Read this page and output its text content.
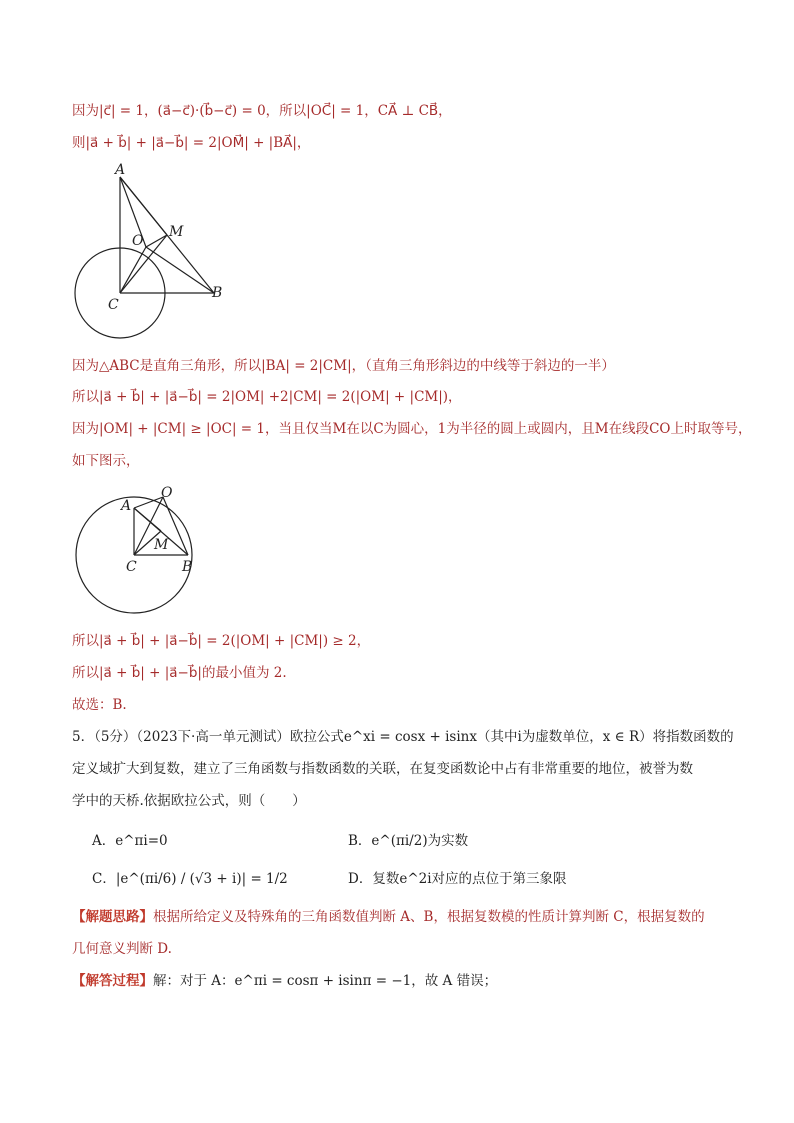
因为|c⃗| = 1，(a⃗−c⃗)·(b⃗−c⃗) = 0，所以|OC⃗| = 1，CA⃗ ⊥ CB⃗，
则|a⃗ + b⃗| + |a⃗−b⃗| = 2|OM⃗| + |BA⃗|，
A
O
M
C
B
因为△ABC是直角三角形，所以|BA| = 2|CM|，（直角三角形斜边的中线等于斜边的一半）
所以|a⃗ + b⃗| + |a⃗−b⃗| = 2|OM| +2|CM| = 2(|OM| + |CM|)，
因为|OM| + |CM| ≥ |OC| = 1，当且仅当M在以C为圆心，1为半径的圆上或圆内，且M在线段CO上时取等号，
如下图示，
O
A
M
C	B
所以|a⃗ + b⃗| + |a⃗−b⃗| = 2(|OM| + |CM|) ≥ 2，
所以|a⃗ + b⃗| + |a⃗−b⃗|的最小值为 2.
故选：B.
5．（5分）（2023下·高一单元测试）欧拉公式e^xi = cosx + isinx（其中i为虚数单位，x ∈ R）将指数函数的
定义域扩大到复数，建立了三角函数与指数函数的关联，在复变函数论中占有非常重要的地位，被誉为数
学中的天桥.依据欧拉公式，则（　　）
A．e^πi=0	B．e^(πi/2)为实数
C．|e^(πi/6) / (√3 + i)| = 1/2	D．复数e^2i对应的点位于第三象限
【解题思路】根据所给定义及特殊角的三角函数值判断 A、B，根据复数模的性质计算判断 C，根据复数的
几何意义判断 D.
【解答过程】解：对于 A：e^πi = cosπ + isinπ = −1，故 A 错误；
